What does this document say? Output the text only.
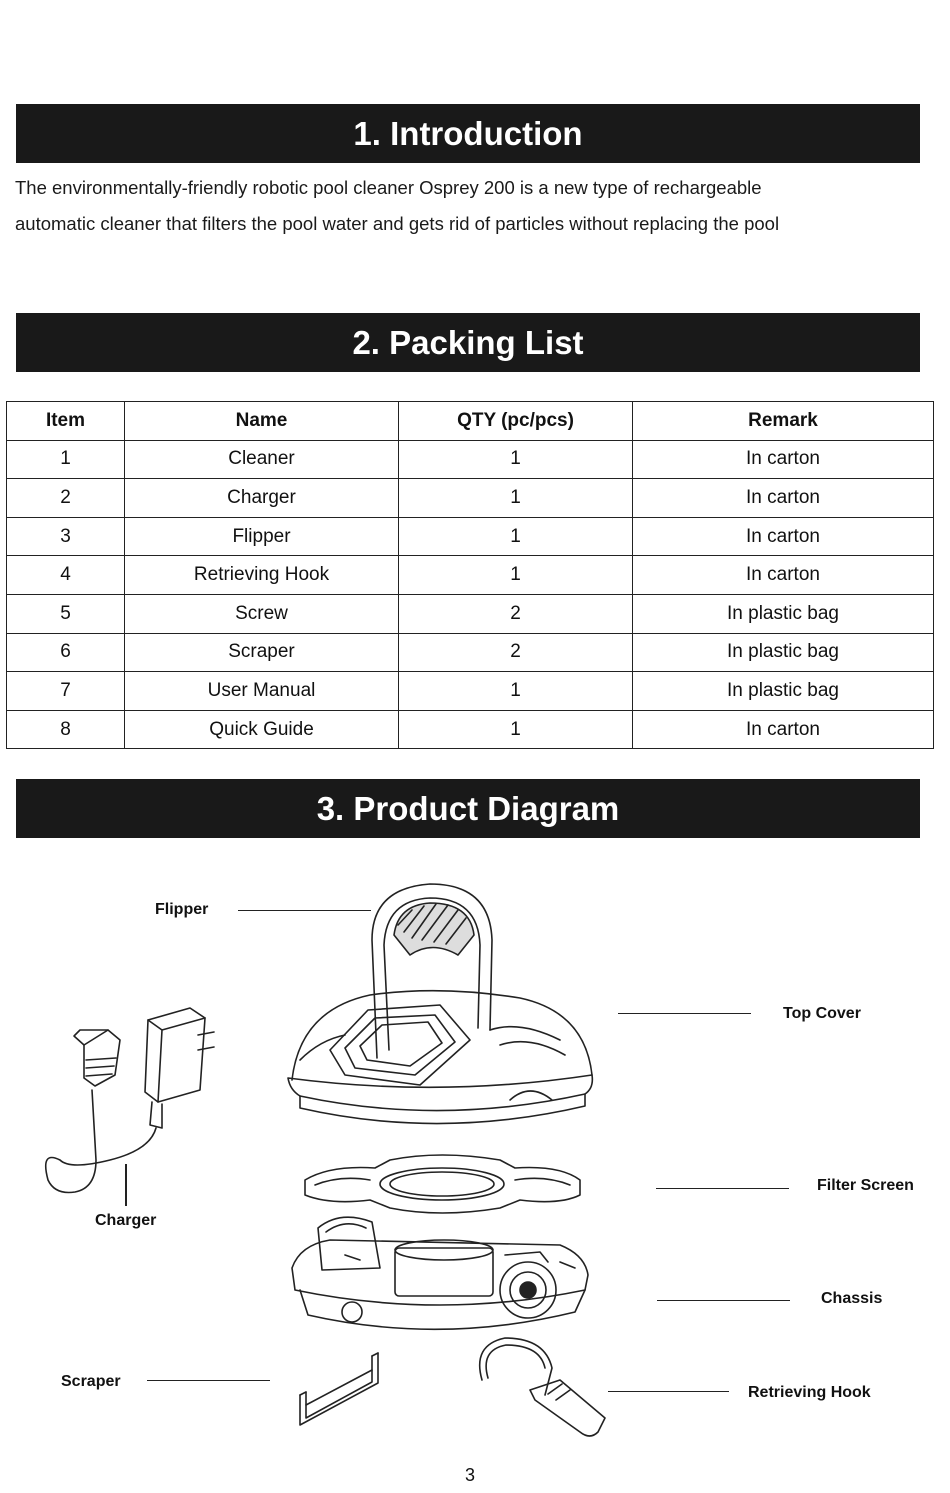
1. Introduction
The environmentally-friendly robotic pool cleaner Osprey 200 is a new type of rechargeable
automatic cleaner that filters the pool water and gets rid of particles without replacing the pool
2. Packing List
Item	Name	QTY (pc/pcs)	Remark
1	Cleaner	1	In carton
2	Charger	1	In carton
3	Flipper	1	In carton
4	Retrieving Hook	1	In carton
5	Screw	2	In plastic bag
6	Scraper	2	In plastic bag
7	User Manual	1	In plastic bag
8	Quick Guide	1	In carton
3. Product Diagram
Flipper
Top Cover
Charger
Filter Screen
Chassis
Scraper
Retrieving Hook
3
